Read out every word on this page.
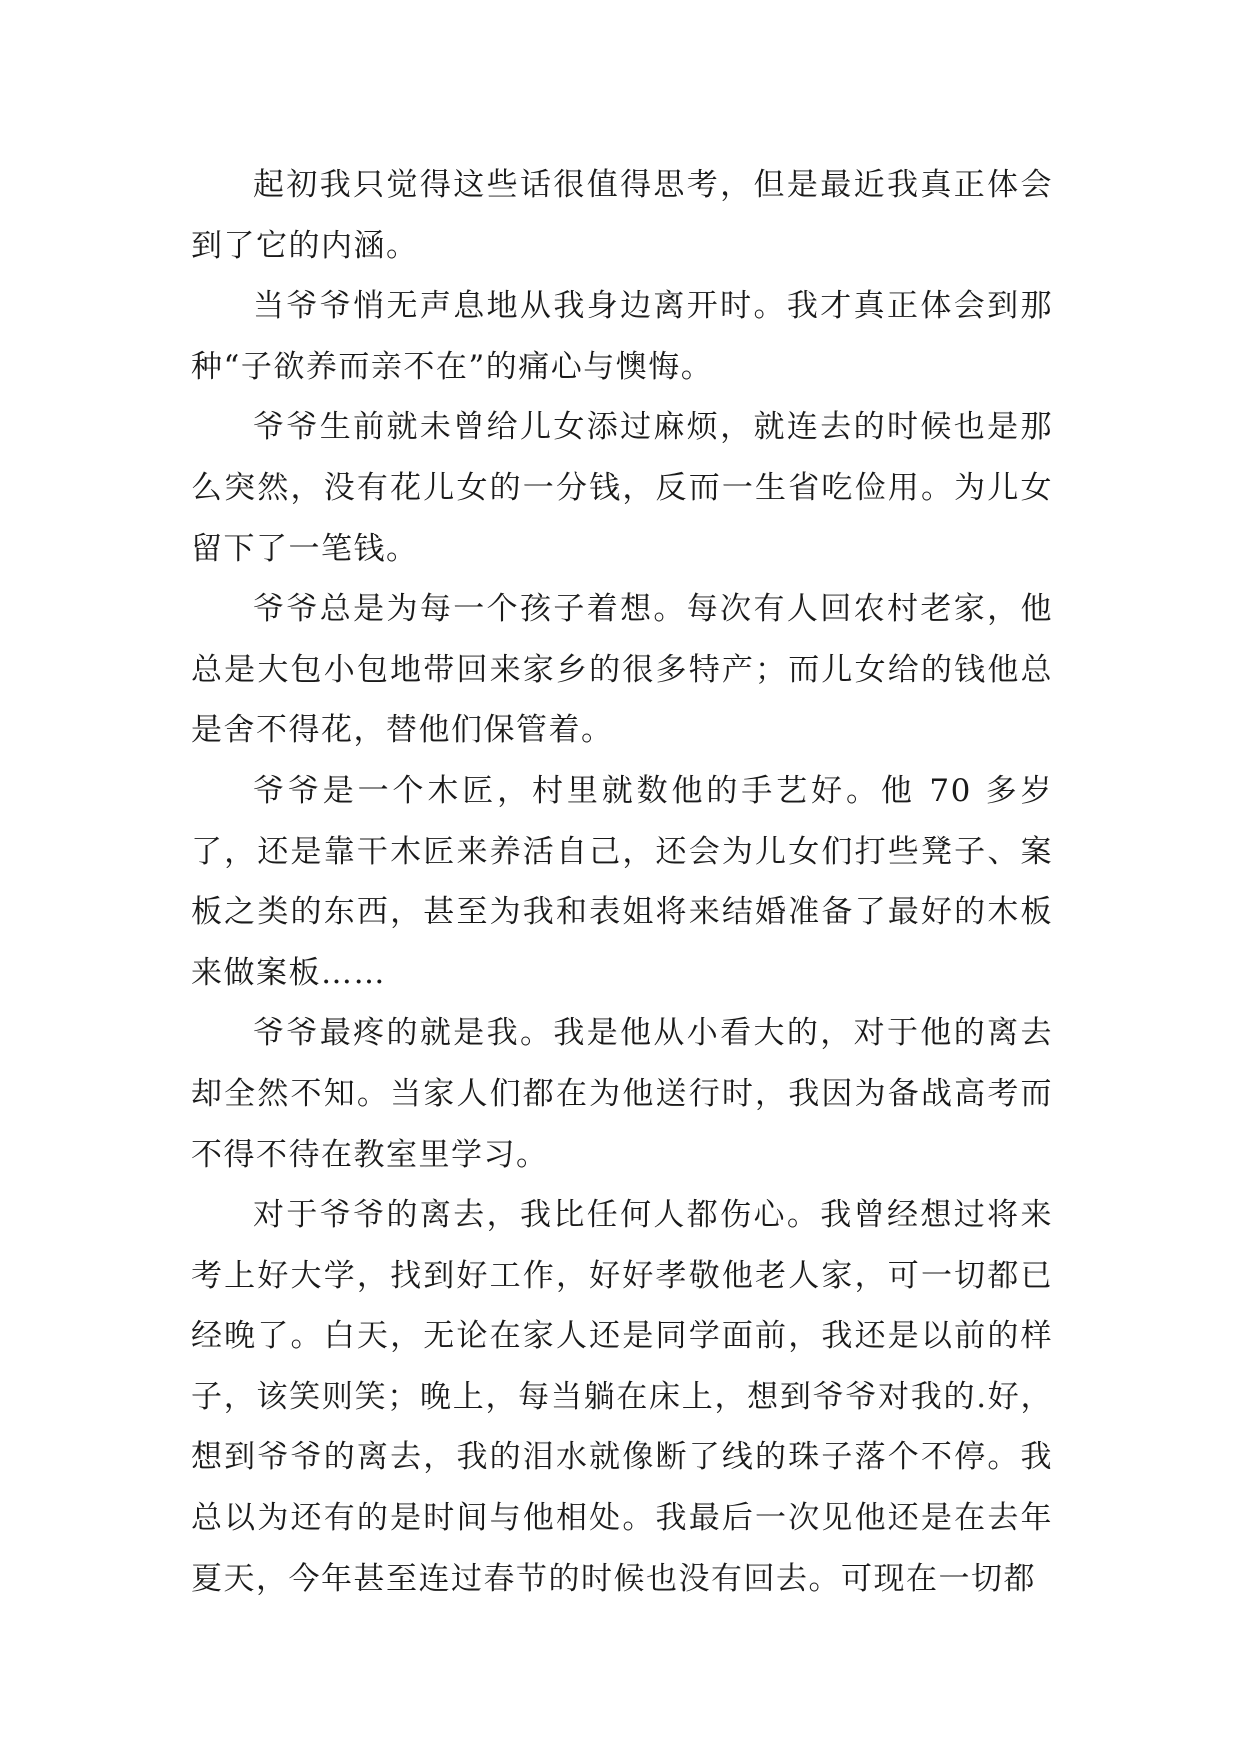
起初我只觉得这些话很值得思考，但是最近我真正体会到了它的内涵。

当爷爷悄无声息地从我身边离开时。我才真正体会到那种“子欲养而亲不在”的痛心与懊悔。

爷爷生前就未曾给儿女添过麻烦，就连去的时候也是那么突然，没有花儿女的一分钱，反而一生省吃俭用。为儿女留下了一笔钱。

爷爷总是为每一个孩子着想。每次有人回农村老家，他总是大包小包地带回来家乡的很多特产；而儿女给的钱他总是舍不得花，替他们保管着。

爷爷是一个木匠，村里就数他的手艺好。他 70 多岁了，还是靠干木匠来养活自己，还会为儿女们打些凳子、案板之类的东西，甚至为我和表姐将来结婚准备了最好的木板来做案板……

爷爷最疼的就是我。我是他从小看大的，对于他的离去却全然不知。当家人们都在为他送行时，我因为备战高考而不得不待在教室里学习。

对于爷爷的离去，我比任何人都伤心。我曾经想过将来考上好大学，找到好工作，好好孝敬他老人家，可一切都已经晚了。白天，无论在家人还是同学面前，我还是以前的样子，该笑则笑；晚上，每当躺在床上，想到爷爷对我的.好，想到爷爷的离去，我的泪水就像断了线的珠子落个不停。我总以为还有的是时间与他相处。我最后一次见他还是在去年夏天，今年甚至连过春节的时候也没有回去。可现在一切都
